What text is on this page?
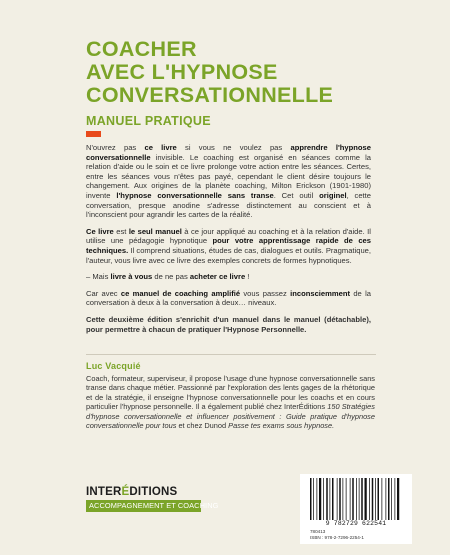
COACHER
AVEC L'HYPNOSE
CONVERSATIONNELLE
MANUEL PRATIQUE

N'ouvrez pas ce livre si vous ne voulez pas apprendre l'hypnose conversationnelle invisible. Le coaching est organisé en séances comme la relation d'aide ou le soin et ce livre prolonge votre action entre les séances. Certes, entre les séances vous n'êtes pas payé, cependant le client désire toujours le changement. Aux origines de la planète coaching, Milton Erickson (1901-1980) invente l'hypnose conversationnelle sans transe. Cet outil originel, cette conversation, presque anodine s'adresse distinctement au conscient et à l'inconscient pour agrandir les cartes de la réalité.

Ce livre est le seul manuel à ce jour appliqué au coaching et à la relation d'aide. Il utilise une pédagogie hypnotique pour votre apprentissage rapide de ces techniques. Il comprend situations, études de cas, dialogues et outils. Pragmatique, l'auteur, vous livre avec ce livre des exemples concrets de formes hypnotiques.

– Mais livre à vous de ne pas acheter ce livre !

Car avec ce manuel de coaching amplifié vous passez inconsciemment de la conversation à deux à la conversation à deux… niveaux.

Cette deuxième édition s'enrichit d'un manuel dans le manuel (détachable), pour permettre à chacun de pratiquer l'Hypnose Personnelle.

Luc Vacquié
Coach, formateur, superviseur, il propose l'usage d'une hypnose conversationnelle sans transe dans chaque métier. Passionné par l'exploration des lents gages de la rhétorique et de la stratégie, il enseigne l'hypnose conversationnelle pour les coachs et en cours particulier l'hypnose personnelle. Il a également publié chez InterÉditions 150 Stratégies d'hypnose conversationnelle et influencer positivement : Guide pratique d'hypnose conversationnelle pour tous et chez Dunod Passe tes exams sous hypnose.
INTERÉDITIONS
ACCOMPAGNEMENT ET COACHING
9 782729 622541
780413
ISBN : 978-2-7296-2254-1
